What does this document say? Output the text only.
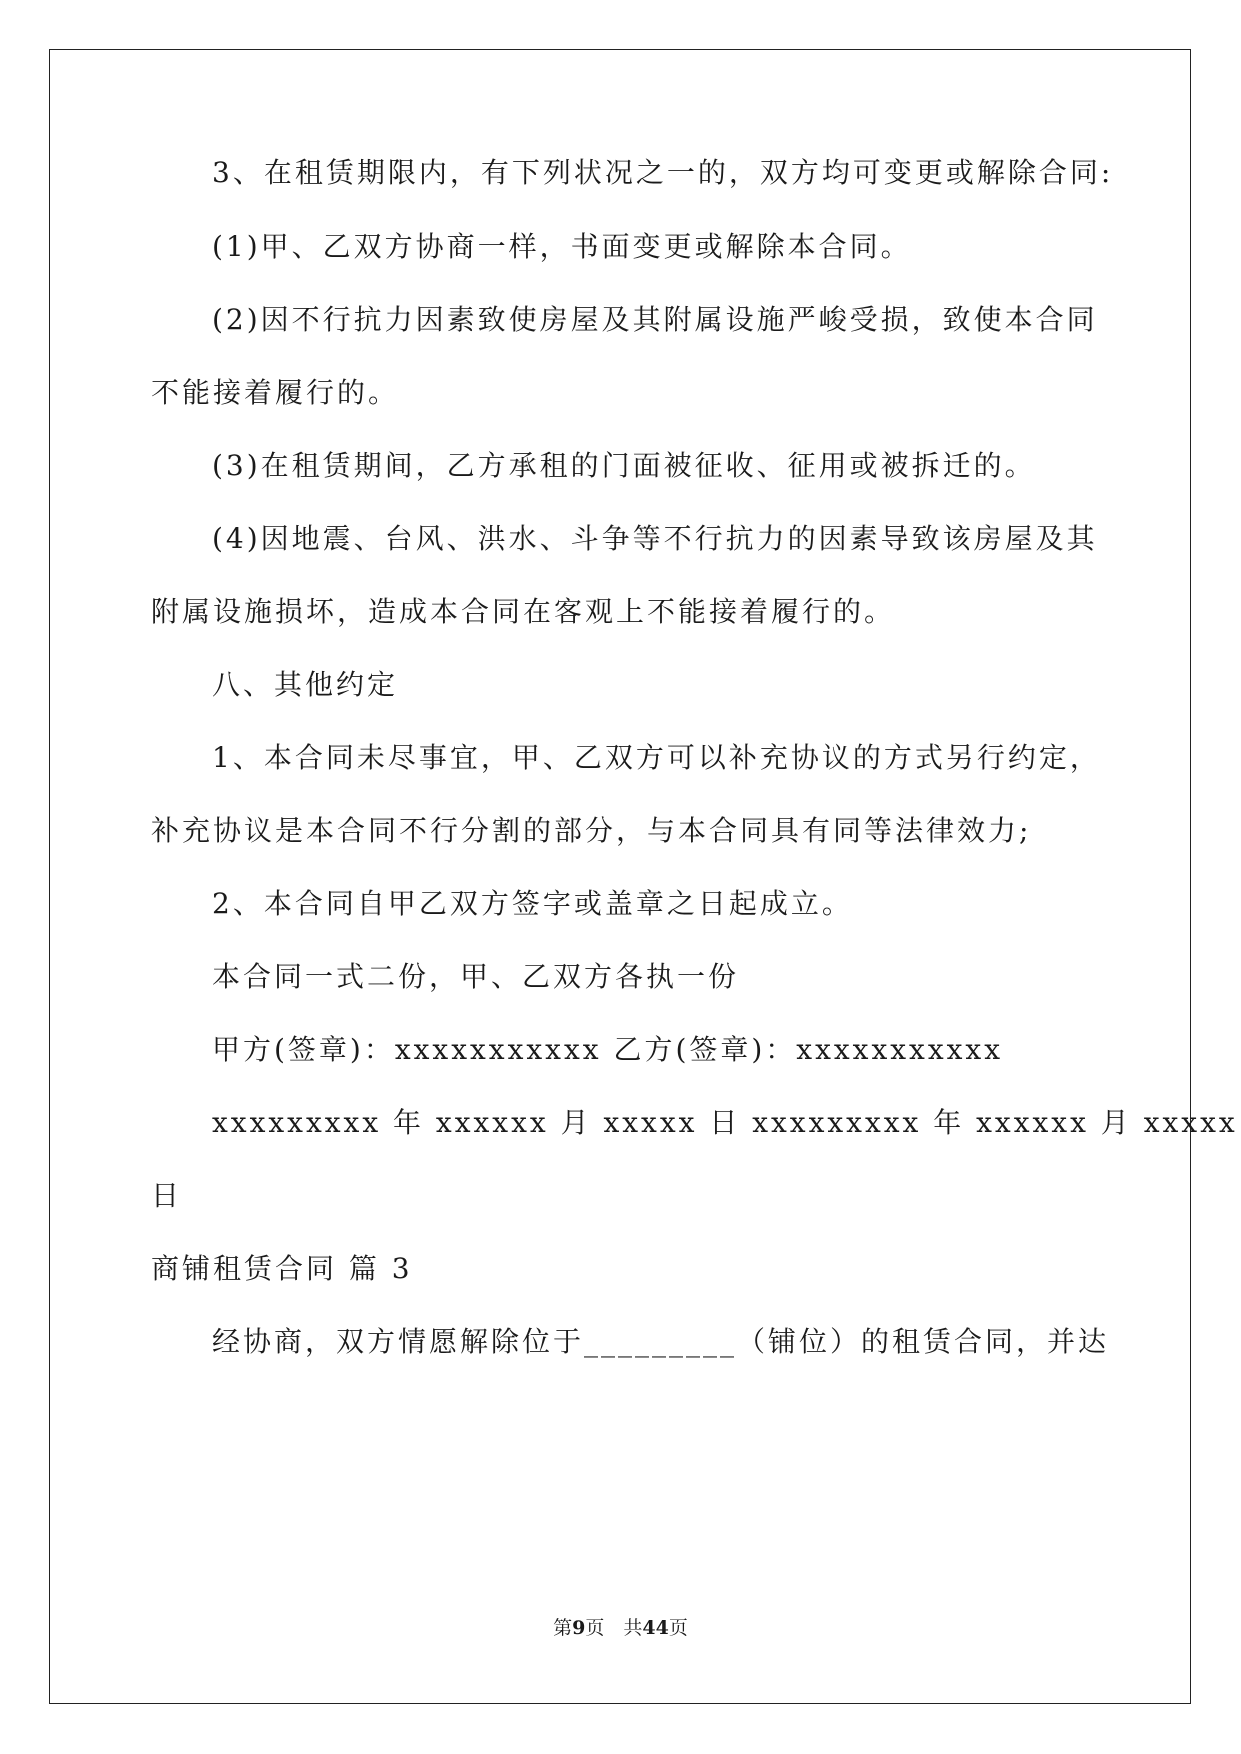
3、在租赁期限内，有下列状况之一的，双方均可变更或解除合同:
(1)甲、乙双方协商一样，书面变更或解除本合同。
(2)因不行抗力因素致使房屋及其附属设施严峻受损，致使本合同
不能接着履行的。
(3)在租赁期间，乙方承租的门面被征收、征用或被拆迁的。
(4)因地震、台风、洪水、斗争等不行抗力的因素导致该房屋及其
附属设施损坏，造成本合同在客观上不能接着履行的。
八、其他约定
1、本合同未尽事宜，甲、乙双方可以补充协议的方式另行约定，
补充协议是本合同不行分割的部分，与本合同具有同等法律效力;
2、本合同自甲乙双方签字或盖章之日起成立。
本合同一式二份，甲、乙双方各执一份
甲方(签章)：xxxxxxxxxxx 乙方(签章)：xxxxxxxxxxx
xxxxxxxxx 年 xxxxxx 月 xxxxx 日 xxxxxxxxx 年 xxxxxx 月 xxxxx
日
商铺租赁合同 篇 3
经协商，双方情愿解除位于_________（铺位）的租赁合同，并达
第9页　共44页
